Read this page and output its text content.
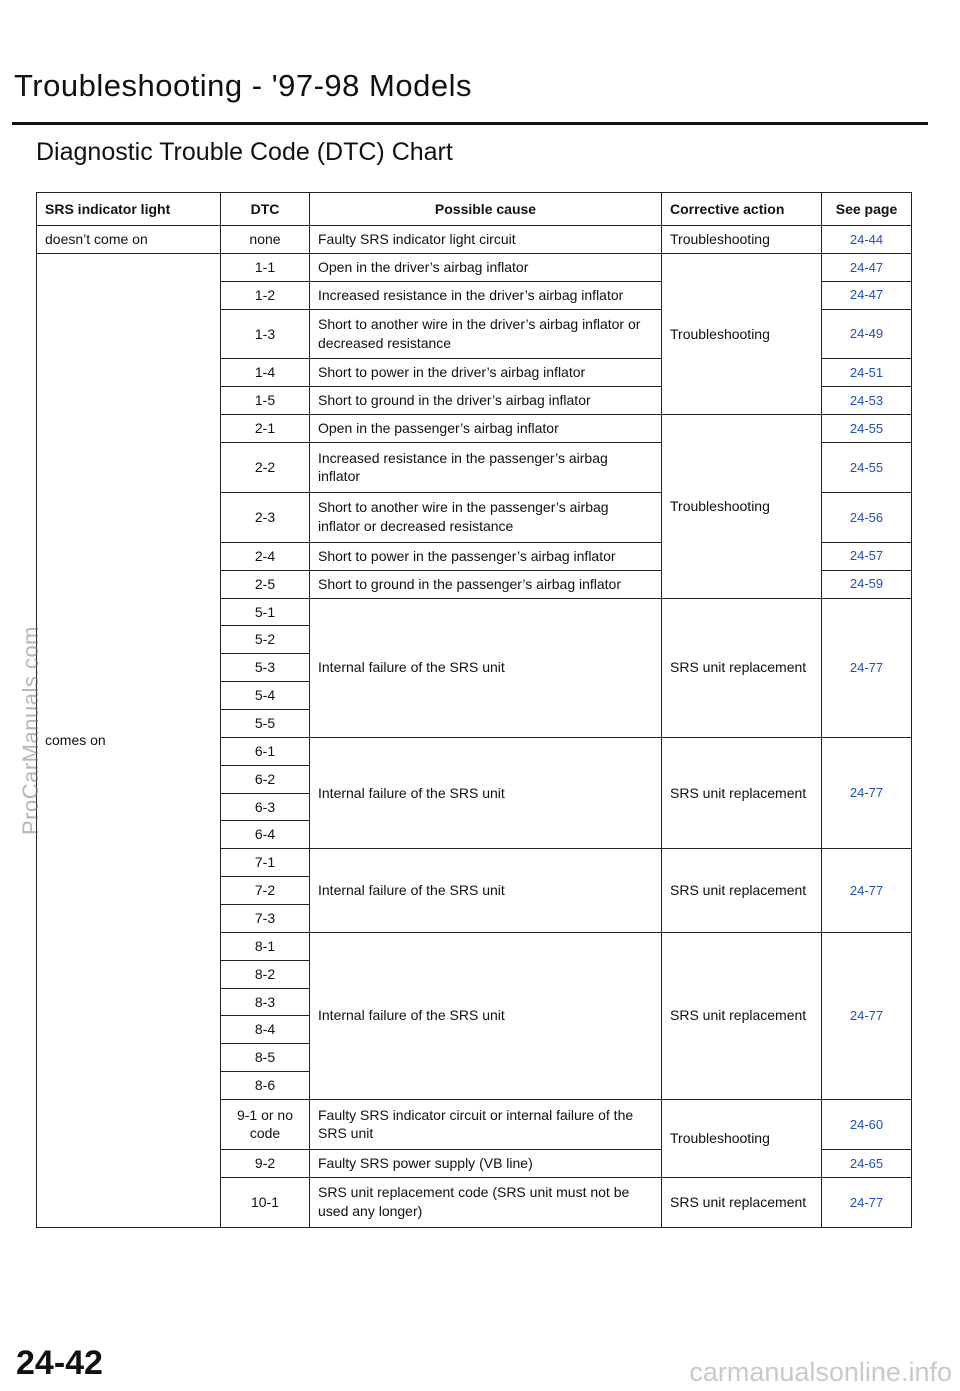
Troubleshooting - '97-98 Models
Diagnostic Trouble Code (DTC) Chart
SRS indicator light	DTC	Possible cause	Corrective action	See page
doesn’t come on	none	Faulty SRS indicator light circuit	Troubleshooting	24-44
comes on	1-1	Open in the driver’s airbag inflator	Troubleshooting	24-47
	1-2	Increased resistance in the driver’s airbag inflator		24-47
	1-3	Short to another wire in the driver’s airbag inflator or decreased resistance		24-49
	1-4	Short to power in the driver’s airbag inflator		24-51
	1-5	Short to ground in the driver’s airbag inflator		24-53
	2-1	Open in the passenger’s airbag inflator	Troubleshooting	24-55
	2-2	Increased resistance in the passenger’s airbag inflator		24-55
	2-3	Short to another wire in the passenger’s airbag inflator or decreased resistance		24-56
	2-4	Short to power in the passenger’s airbag inflator		24-57
	2-5	Short to ground in the passenger’s airbag inflator		24-59
	5-1	Internal failure of the SRS unit	SRS unit replacement	24-77
	5-2			
	5-3			
	5-4			
	5-5			
	6-1	Internal failure of the SRS unit	SRS unit replacement	24-77
	6-2			
	6-3			
	6-4			
	7-1	Internal failure of the SRS unit	SRS unit replacement	24-77
	7-2			
	7-3			
	8-1	Internal failure of the SRS unit	SRS unit replacement	24-77
	8-2			
	8-3			
	8-4			
	8-5			
	8-6			
	9-1 or no code	Faulty SRS indicator circuit or internal failure of the SRS unit	Troubleshooting	24-60
	9-2	Faulty SRS power supply (VB line)		24-65
	10-1	SRS unit replacement code (SRS unit must not be used any longer)	SRS unit replacement	24-77
ProCarManuals.com
24-42	carmanualsonline.info
